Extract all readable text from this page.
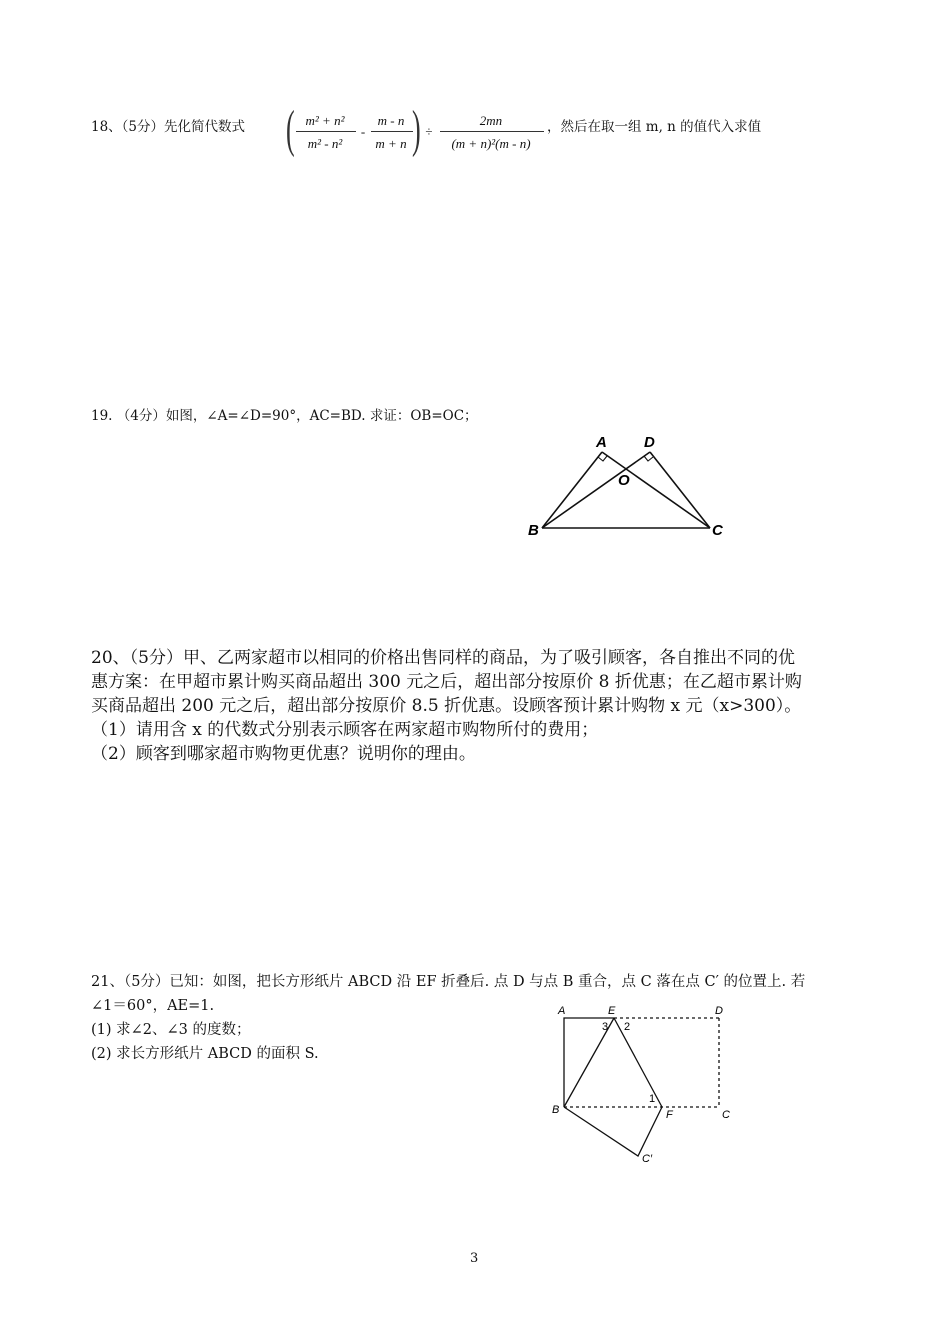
18、（5分）先化简代数式 ( m² + n²
m² - n²
-
m - n
m + n ) ÷
2mn
(m + n)²(m - n)
，然后在取一组 m, n 的值代入求值
19. （4分）如图，∠A=∠D=90°，AC=BD. 求证：OB=OC；
A D
O
B	C
20、（5分）甲、乙两家超市以相同的价格出售同样的商品，为了吸引顾客，各自推出不同的优
惠方案：在甲超市累计购买商品超出 300 元之后，超出部分按原价 8 折优惠；在乙超市累计购
买商品超出 200 元之后，超出部分按原价 8.5 折优惠。设顾客预计累计购物 x 元（x>300）。
（1）请用含 x 的代数式分别表示顾客在两家超市购物所付的费用；
（2）顾客到哪家超市购物更优惠？说明你的理由。
21、（5分）已知：如图，把长方形纸片 ABCD 沿 EF 折叠后. 点 D 与点 B 重合，点 C 落在点 C′ 的位置上. 若
∠1＝60°，AE=1.
(1) 求∠2、∠3 的度数；
(2) 求长方形纸片 ABCD 的面积 S.
A	E	D
B	C
F
C′
1
2
3
3
